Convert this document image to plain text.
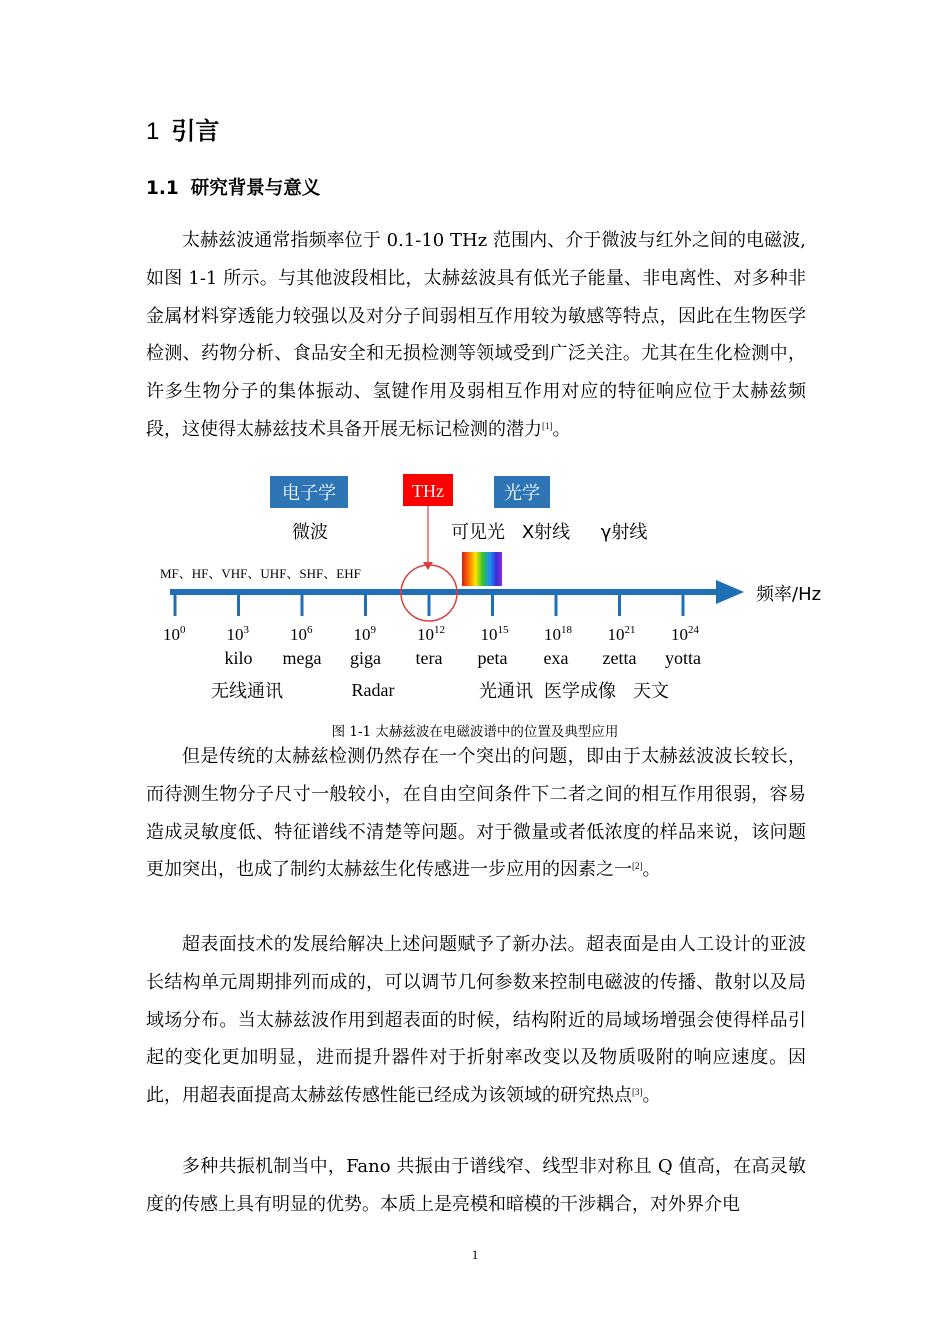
1 引言
1.1 研究背景与意义

太赫兹波通常指频率位于 0.1-10 THz 范围内、介于微波与红外之间的电磁波,如图 1-1 所示。与其他波段相比，太赫兹波具有低光子能量、非电离性、对多种非金属材料穿透能力较强以及对分子间弱相互作用较为敏感等特点，因此在生物医学检测、药物分析、食品安全和无损检测等领域受到广泛关注。尤其在生化检测中，许多生物分子的集体振动、氢键作用及弱相互作用对应的特征响应位于太赫兹频段，这使得太赫兹技术具备开展无标记检测的潜力[1]。

电子学	THz	光学
微波	可见光 X射线 γ射线
MF、HF、VHF、UHF、SHF、EHF
频率/Hz
$10^0$
kilo
$10^3$
mega
$10^6$
giga
$10^9$
tera
$10^{12}$
peta
$10^{15}$
exa
$10^{18}$
zetta
$10^{21}$
yotta
$10^{24}$
无线通讯	Radar	光通讯 医学成像 天文
图 1-1 太赫兹波在电磁波谱中的位置及典型应用

但是传统的太赫兹检测仍然存在一个突出的问题，即由于太赫兹波波长较长，而待测生物分子尺寸一般较小，在自由空间条件下二者之间的相互作用很弱，容易造成灵敏度低、特征谱线不清楚等问题。对于微量或者低浓度的样品来说，该问题更加突出，也成了制约太赫兹生化传感进一步应用的因素之一[2]。

超表面技术的发展给解决上述问题赋予了新办法。超表面是由人工设计的亚波长结构单元周期排列而成的，可以调节几何参数来控制电磁波的传播、散射以及局域场分布。当太赫兹波作用到超表面的时候，结构附近的局域场增强会使得样品引起的变化更加明显，进而提升器件对于折射率改变以及物质吸附的响应速度。因此，用超表面提高太赫兹传感性能已经成为该领域的研究热点[3]。

多种共振机制当中，Fano 共振由于谱线窄、线型非对称且 Q 值高，在高灵敏度的传感上具有明显的优势。本质上是亮模和暗模的干涉耦合，对外界介电

1
